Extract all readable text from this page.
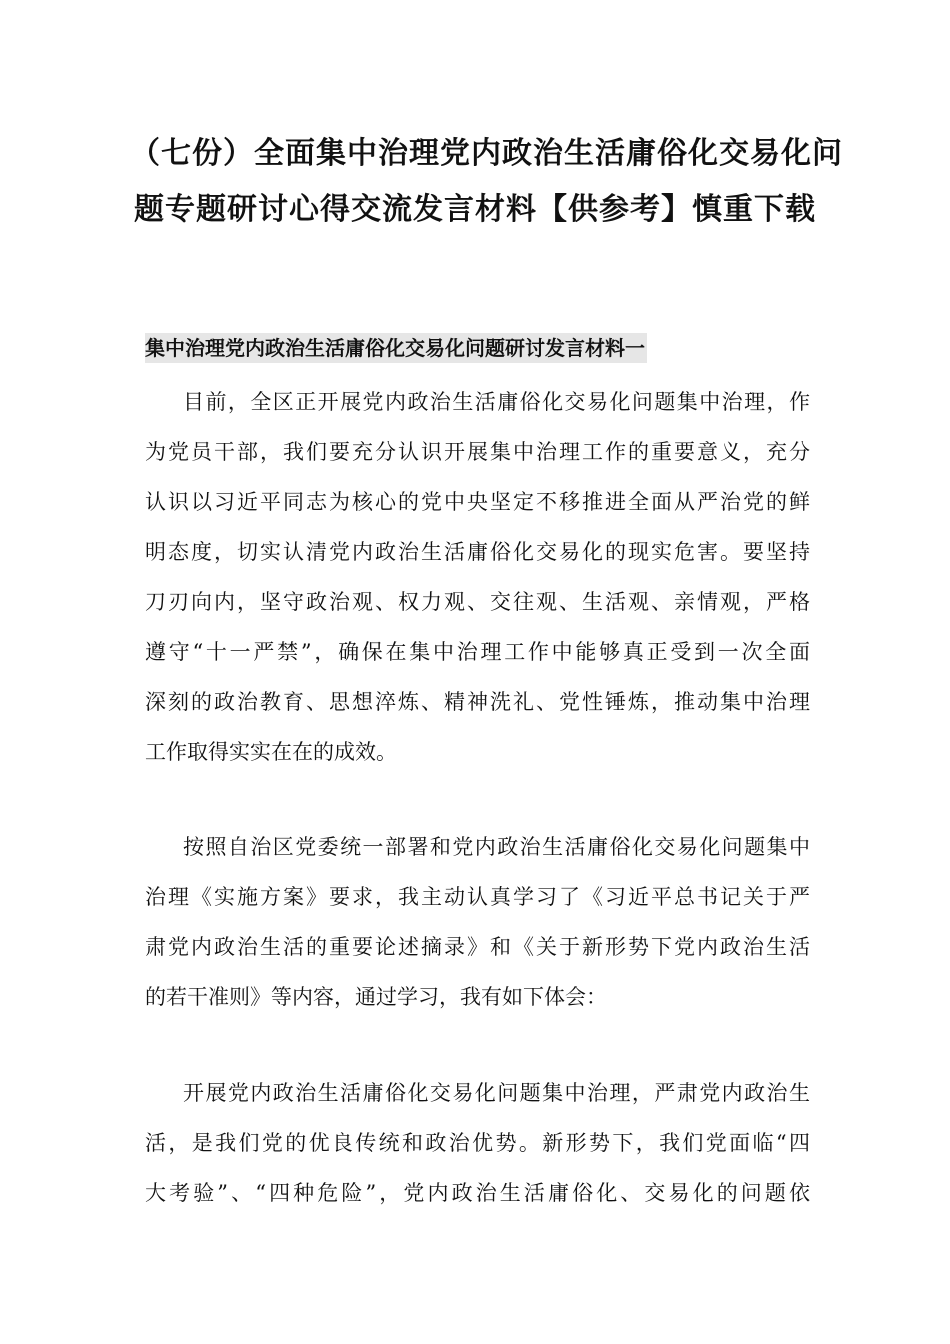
（七份）全面集中治理党内政治生活庸俗化交易化问
题专题研讨心得交流发言材料【供参考】慎重下载
集中治理党内政治生活庸俗化交易化问题研讨发言材料一

目前，全区正开展党内政治生活庸俗化交易化问题集中治理，作
为党员干部，我们要充分认识开展集中治理工作的重要意义，充分
认识以习近平同志为核心的党中央坚定不移推进全面从严治党的鲜
明态度，切实认清党内政治生活庸俗化交易化的现实危害。要坚持
刀刃向内，坚守政治观、权力观、交往观、生活观、亲情观，严格
遵守“十一严禁”，确保在集中治理工作中能够真正受到一次全面
深刻的政治教育、思想淬炼、精神洗礼、党性锤炼，推动集中治理
工作取得实实在在的成效。

按照自治区党委统一部署和党内政治生活庸俗化交易化问题集中
治理《实施方案》要求，我主动认真学习了《习近平总书记关于严
肃党内政治生活的重要论述摘录》和《关于新形势下党内政治生活
的若干准则》等内容，通过学习，我有如下体会：

开展党内政治生活庸俗化交易化问题集中治理，严肃党内政治生
活，是我们党的优良传统和政治优势。新形势下，我们党面临“四
大考验”、“四种危险”，党内政治生活庸俗化、交易化的问题依
